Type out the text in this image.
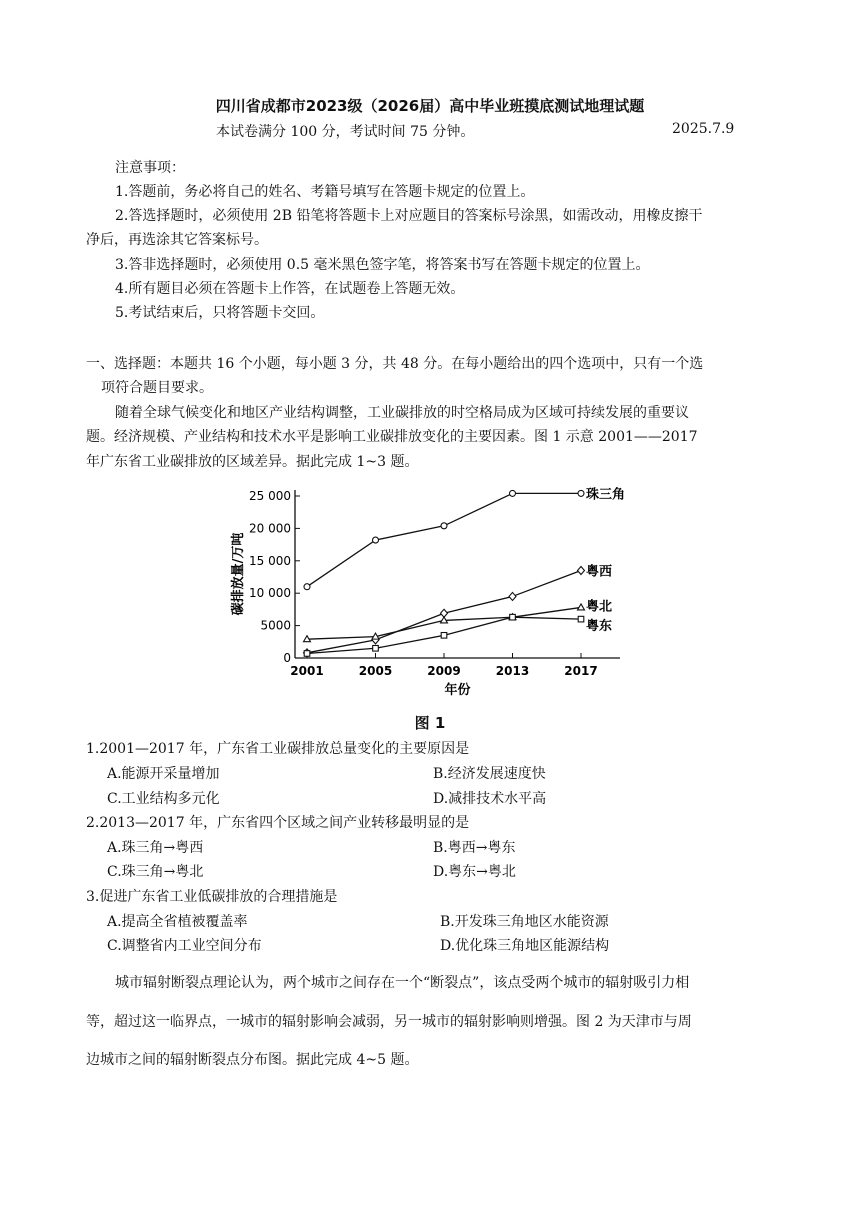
四川省成都市2023级（2026届）高中毕业班摸底测试地理试题
本试卷满分 100 分，考试时间 75 分钟。	2025.7.9
注意事项：
1.答题前，务必将自己的姓名、考籍号填写在答题卡规定的位置上。
2.答选择题时，必须使用 2B 铅笔将答题卡上对应题目的答案标号涂黑，如需改动，用橡皮擦干
净后，再选涂其它答案标号。
3.答非选择题时，必须使用 0.5 毫米黑色签字笔，将答案书写在答题卡规定的位置上。
4.所有题目必须在答题卡上作答，在试题卷上答题无效。
5.考试结束后，只将答题卡交回。
一、选择题：本题共 16 个小题，每小题 3 分，共 48 分。在每小题给出的四个选项中，只有一个选
项符合题目要求。
随着全球气候变化和地区产业结构调整，工业碳排放的时空格局成为区域可持续发展的重要议
题。经济规模、产业结构和技术水平是影响工业碳排放变化的主要因素。图 1 示意 2001——2017
年广东省工业碳排放的区域差异。据此完成 1~3 题。
0
5000
10 000
15 000
20 000
25 000
2001	2005	2009	2013	2017
年份
碳排放量/万吨
珠三角
粤西
粤北
粤东
图 1
1.2001—2017 年，广东省工业碳排放总量变化的主要原因是
A.能源开采量增加	B.经济发展速度快
C.工业结构多元化	D.减排技术水平高
2.2013—2017 年，广东省四个区域之间产业转移最明显的是
A.珠三角→粤西	B.粤西→粤东
C.珠三角→粤北	D.粤东→粤北
3.促进广东省工业低碳排放的合理措施是
A.提高全省植被覆盖率	B.开发珠三角地区水能资源
C.调整省内工业空间分布	D.优化珠三角地区能源结构
城市辐射断裂点理论认为，两个城市之间存在一个“断裂点”，该点受两个城市的辐射吸引力相
等，超过这一临界点，一城市的辐射影响会减弱，另一城市的辐射影响则增强。图 2 为天津市与周
边城市之间的辐射断裂点分布图。据此完成 4~5 题。
